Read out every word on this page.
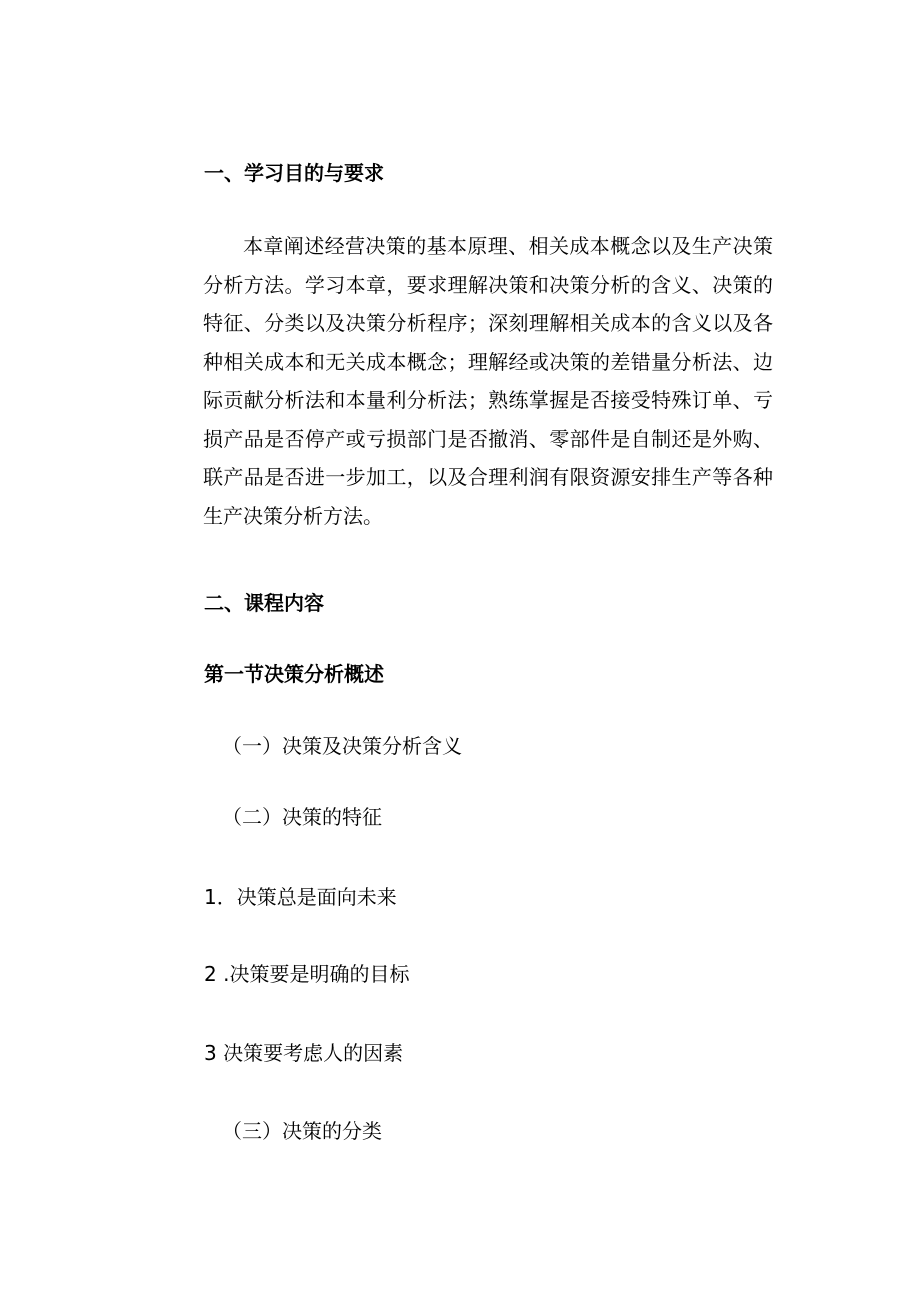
一、学习目的与要求

本章阐述经营决策的基本原理、相关成本概念以及生产决策分析方法。学习本章，要求理解决策和决策分析的含义、决策的特征、分类以及决策分析程序；深刻理解相关成本的含义以及各种相关成本和无关成本概念；理解经或决策的差错量分析法、边际贡献分析法和本量利分析法；熟练掌握是否接受特殊订单、亏损产品是否停产或亏损部门是否撤消、零部件是自制还是外购、联产品是否进一步加工，以及合理利润有限资源安排生产等各种生产决策分析方法。

二、课程内容
第一节决策分析概述
（一）决策及决策分析含义
（二）决策的特征
1．决策总是面向未来
2 .决策要是明确的目标
3 决策要考虑人的因素
（三）决策的分类
